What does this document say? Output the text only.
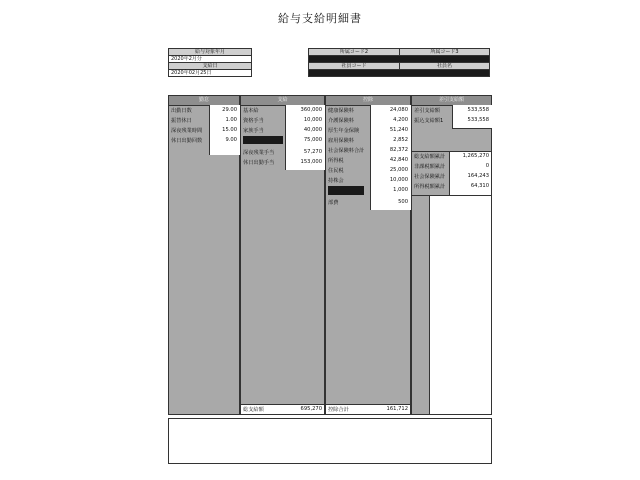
給与支給明細書
給与対象年月
2020年2月分
支給日
2020年02月25日
所属コード2	所属コード3
社員コード	社員名
勤怠
出勤日数	29.00
振替休日	1.00
深夜残業時間	15.00
休日出勤回数	9.00
支給
基本給	360,000
資格手当	10,000
家族手当	40,000
75,000
深夜残業手当	57,270
休日出勤手当	153,000
総支給額	695,270
控除
健康保険料	24,080
介護保険料	4,200
厚生年金保険	51,240
雇用保険料	2,852
社会保険料合計	82,372
所得税	42,840
住民税	25,000
持株会	10,000
1,000
部費	500
控除合計	161,712
差引支給額
差引支給額	533,558
振込支給額1	533,558
総支給額累計	1,265,270
非課税額累計	0
社会保険累計	164,243
所得税額累計	64,310
